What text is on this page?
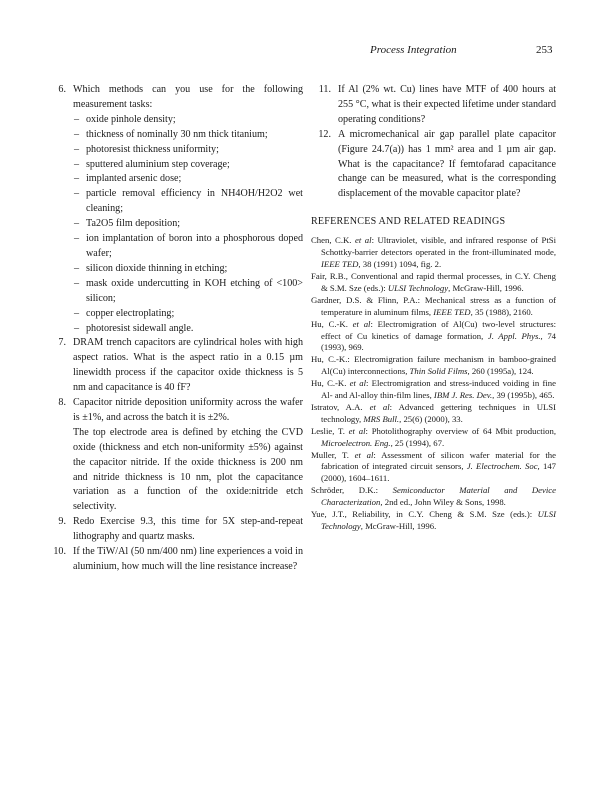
Process Integration	253
6. Which methods can you use for the following measurement tasks:
– oxide pinhole density;
– thickness of nominally 30 nm thick titanium;
– photoresist thickness uniformity;
– sputtered aluminium step coverage;
– implanted arsenic dose;
– particle removal efficiency in NH4OH/H2O2 wet cleaning;
– Ta2O5 film deposition;
– ion implantation of boron into a phosphorous doped wafer;
– silicon dioxide thinning in etching;
– mask oxide undercutting in KOH etching of <100> silicon;
– copper electroplating;
– photoresist sidewall angle.
7. DRAM trench capacitors are cylindrical holes with high aspect ratios. What is the aspect ratio in a 0.15 µm linewidth process if the capacitor oxide thickness is 5 nm and capacitance is 40 fF?
8. Capacitor nitride deposition uniformity across the wafer is ±1%, and across the batch it is ±2%.
The top electrode area is defined by etching the CVD oxide (thickness and etch non-uniformity ±5%) against the capacitor nitride. If the oxide thickness is 200 nm and nitride thickness is 10 nm, plot the capacitance variation as a function of the oxide:nitride etch selectivity.
9. Redo Exercise 9.3, this time for 5X step-and-repeat lithography and quartz masks.
10. If the TiW/Al (50 nm/400 nm) line experiences a void in aluminium, how much will the line resistance increase?
11. If Al (2% wt. Cu) lines have MTF of 400 hours at 255 °C, what is their expected lifetime under standard operating conditions?
12. A micromechanical air gap parallel plate capacitor (Figure 24.7(a)) has 1 mm² area and 1 µm air gap. What is the capacitance? If femtofarad capacitance change can be measured, what is the corresponding displacement of the movable capacitor plate?
REFERENCES AND RELATED READINGS
Chen, C.K. et al: Ultraviolet, visible, and infrared response of PtSi Schottky-barrier detectors operated in the front-illuminated mode, IEEE TED, 38 (1991) 1094, fig. 2.
Fair, R.B., Conventional and rapid thermal processes, in C.Y. Cheng & S.M. Sze (eds.): ULSI Technology, McGraw-Hill, 1996.
Gardner, D.S. & Flinn, P.A.: Mechanical stress as a function of temperature in aluminum films, IEEE TED, 35 (1988), 2160.
Hu, C.-K. et al: Electromigration of Al(Cu) two-level structures: effect of Cu kinetics of damage formation, J. Appl. Phys., 74 (1993), 969.
Hu, C.-K.: Electromigration failure mechanism in bamboo-grained Al(Cu) interconnections, Thin Solid Films, 260 (1995a), 124.
Hu, C.-K. et al: Electromigration and stress-induced voiding in fine Al- and Al-alloy thin-film lines, IBM J. Res. Dev., 39 (1995b), 465.
Istratov, A.A. et al: Advanced gettering techniques in ULSI technology, MRS Bull., 25(6) (2000), 33.
Leslie, T. et al: Photolithography overview of 64 Mbit production, Microelectron. Eng., 25 (1994), 67.
Muller, T. et al: Assessment of silicon wafer material for the fabrication of integrated circuit sensors, J. Electrochem. Soc, 147 (2000), 1604–1611.
Schröder, D.K.: Semiconductor Material and Device Characterization, 2nd ed., John Wiley & Sons, 1998.
Yue, J.T., Reliability, in C.Y. Cheng & S.M. Sze (eds.): ULSI Technology, McGraw-Hill, 1996.
